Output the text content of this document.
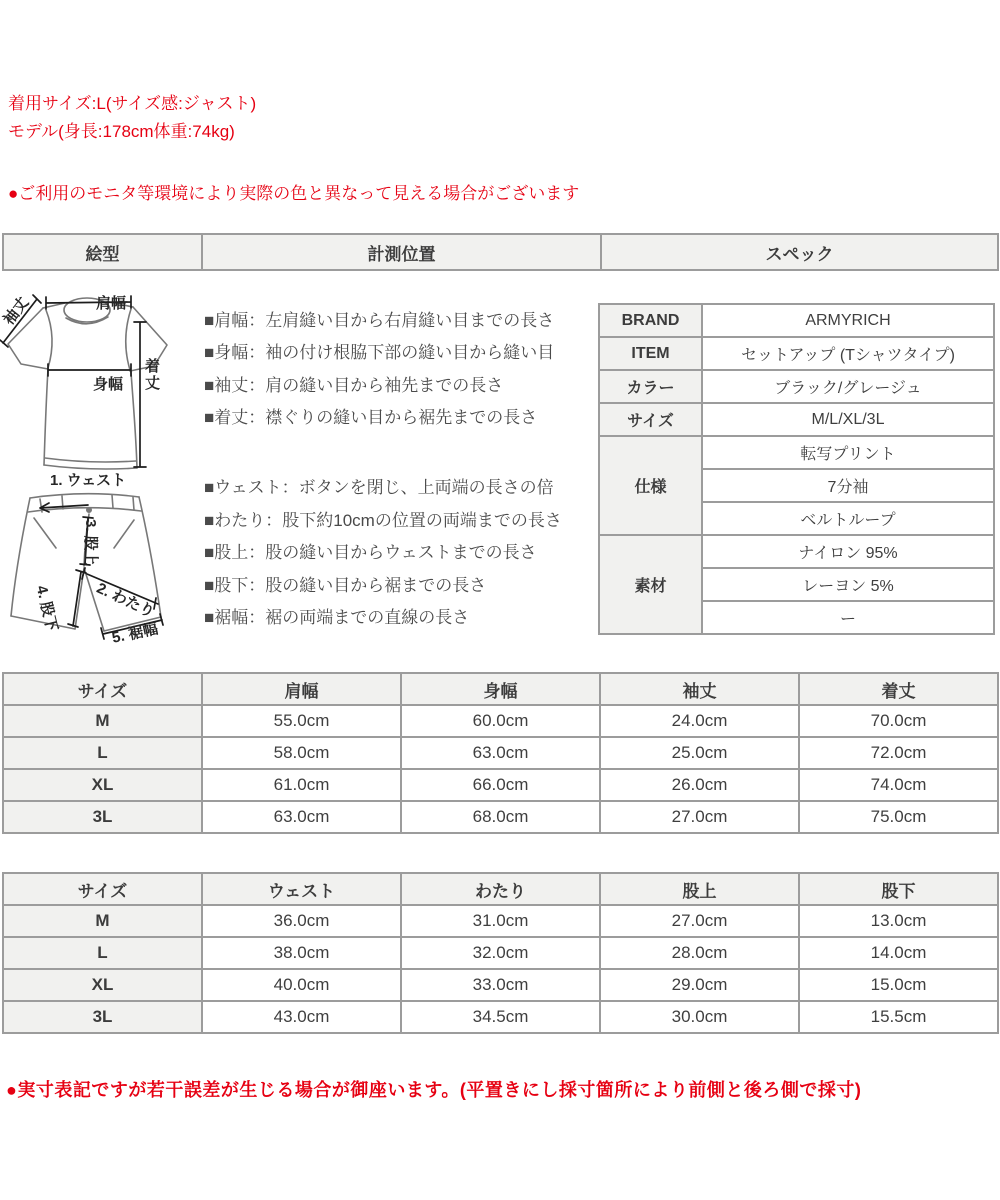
着用サイズ:L(サイズ感:ジャスト)
モデル(身長:178cm体重:74kg)
●ご利用のモニタ等環境により実際の色と異なって見える場合がございます
絵型	計測位置	スペック
肩幅
袖丈
身幅 着丈
1. ウェスト
3. 股上
2. わたり
4. 股下
5. 裾幅
■肩幅：左肩縫い目から右肩縫い目までの長さ
■身幅：袖の付け根脇下部の縫い目から縫い目
■袖丈：肩の縫い目から袖先までの長さ
■着丈：襟ぐりの縫い目から裾先までの長さ
■ウェスト：ボタンを閉じ、上両端の長さの倍
■わたり：股下約10cmの位置の両端までの長さ
■股上：股の縫い目からウェストまでの長さ
■股下：股の縫い目から裾までの長さ
■裾幅：裾の両端までの直線の長さ
BRAND	ARMYRICH
ITEM	セットアップ (Tシャツタイプ)
カラー	ブラック/グレージュ
サイズ	M/L/XL/3L
仕様	転写プリント
	7分袖
	ベルトループ
素材	ナイロン 95%
	レーヨン 5%
	ー
サイズ	肩幅	身幅	袖丈	着丈
M	55.0cm	60.0cm	24.0cm	70.0cm
L	58.0cm	63.0cm	25.0cm	72.0cm
XL	61.0cm	66.0cm	26.0cm	74.0cm
3L	63.0cm	68.0cm	27.0cm	75.0cm
サイズ	ウェスト	わたり	股上	股下
M	36.0cm	31.0cm	27.0cm	13.0cm
L	38.0cm	32.0cm	28.0cm	14.0cm
XL	40.0cm	33.0cm	29.0cm	15.0cm
3L	43.0cm	34.5cm	30.0cm	15.5cm
●実寸表記ですが若干誤差が生じる場合が御座います。(平置きにし採寸箇所により前側と後ろ側で採寸)
